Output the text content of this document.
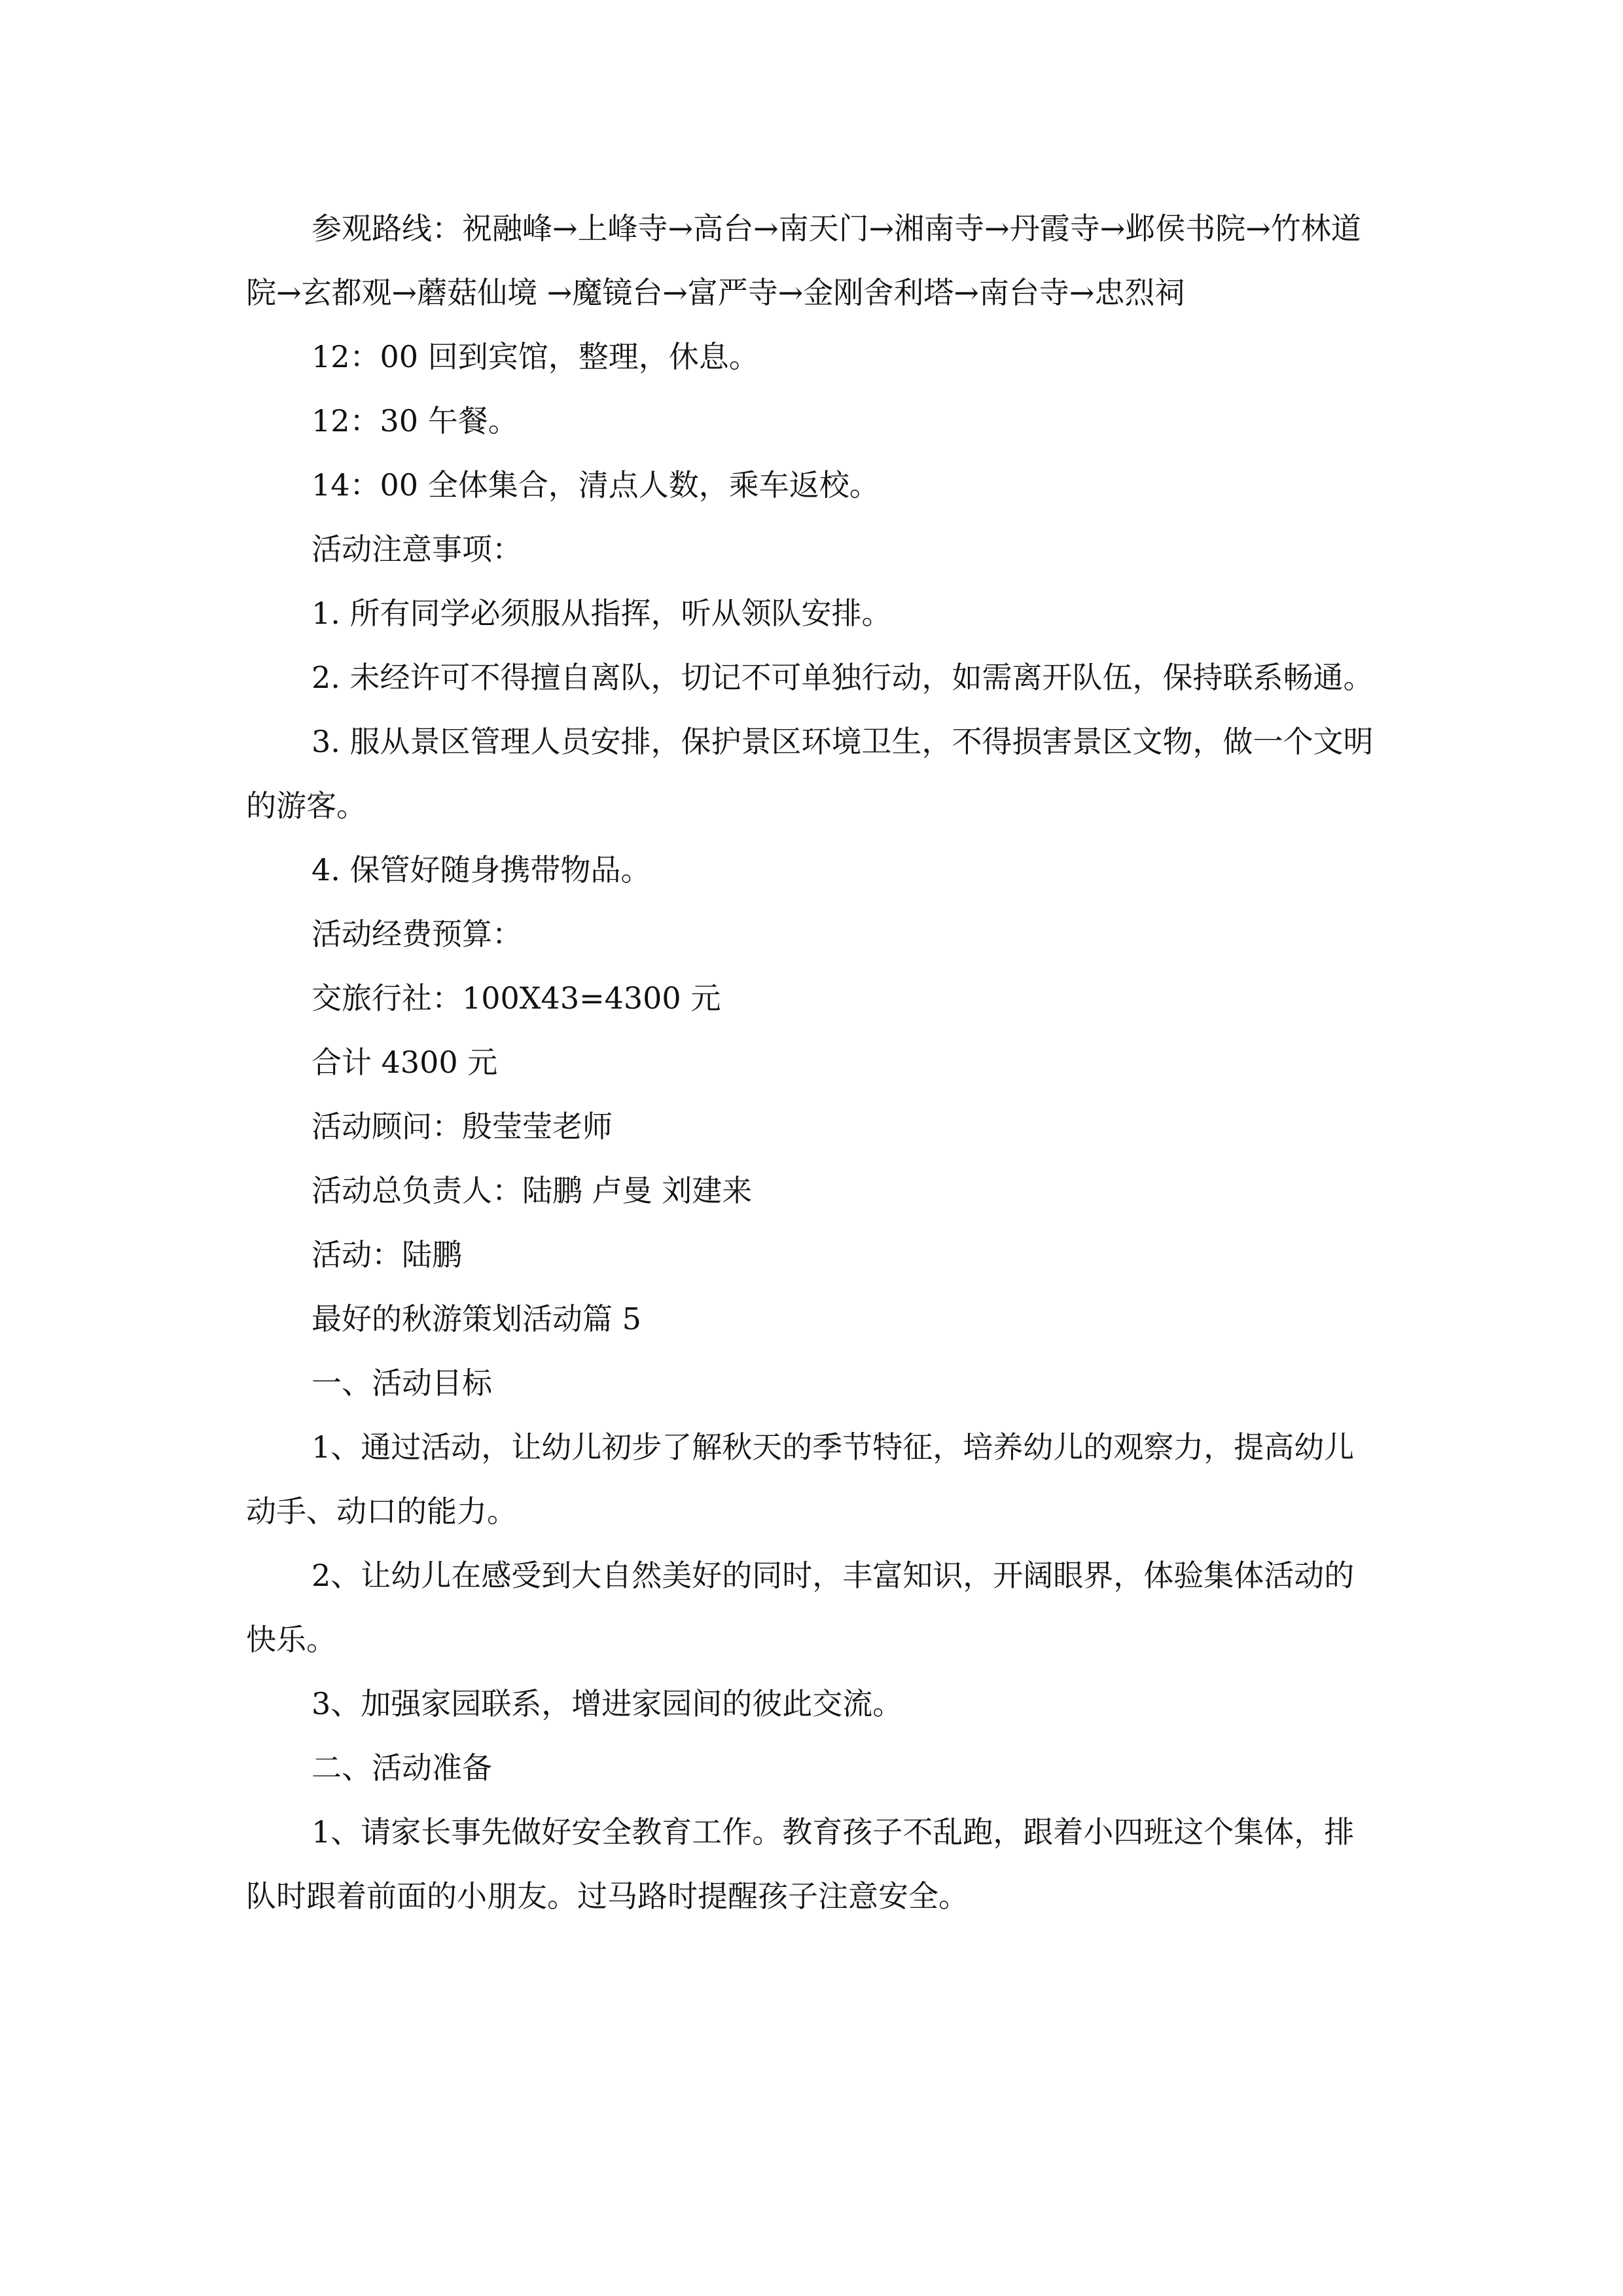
参观路线：祝融峰→上峰寺→高台→南天门→湘南寺→丹霞寺→邺侯书院→竹林道院→玄都观→蘑菇仙境 →魔镜台→富严寺→金刚舍利塔→南台寺→忠烈祠

12：00 回到宾馆，整理，休息。

12：30 午餐。

14：00 全体集合，清点人数，乘车返校。

活动注意事项：

1. 所有同学必须服从指挥，听从领队安排。

2. 未经许可不得擅自离队，切记不可单独行动，如需离开队伍，保持联系畅通。

3. 服从景区管理人员安排，保护景区环境卫生，不得损害景区文物，做一个文明的游客。

4. 保管好随身携带物品。

活动经费预算：

交旅行社：100X43=4300 元

合计 4300 元

活动顾问：殷莹莹老师

活动总负责人：陆鹏 卢曼 刘建来

活动：陆鹏

最好的秋游策划活动篇 5

一、活动目标

1、通过活动，让幼儿初步了解秋天的季节特征，培养幼儿的观察力，提高幼儿动手、动口的能力。

2、让幼儿在感受到大自然美好的同时，丰富知识，开阔眼界，体验集体活动的快乐。

3、加强家园联系，增进家园间的彼此交流。

二、活动准备

1、请家长事先做好安全教育工作。教育孩子不乱跑，跟着小四班这个集体，排队时跟着前面的小朋友。过马路时提醒孩子注意安全。
